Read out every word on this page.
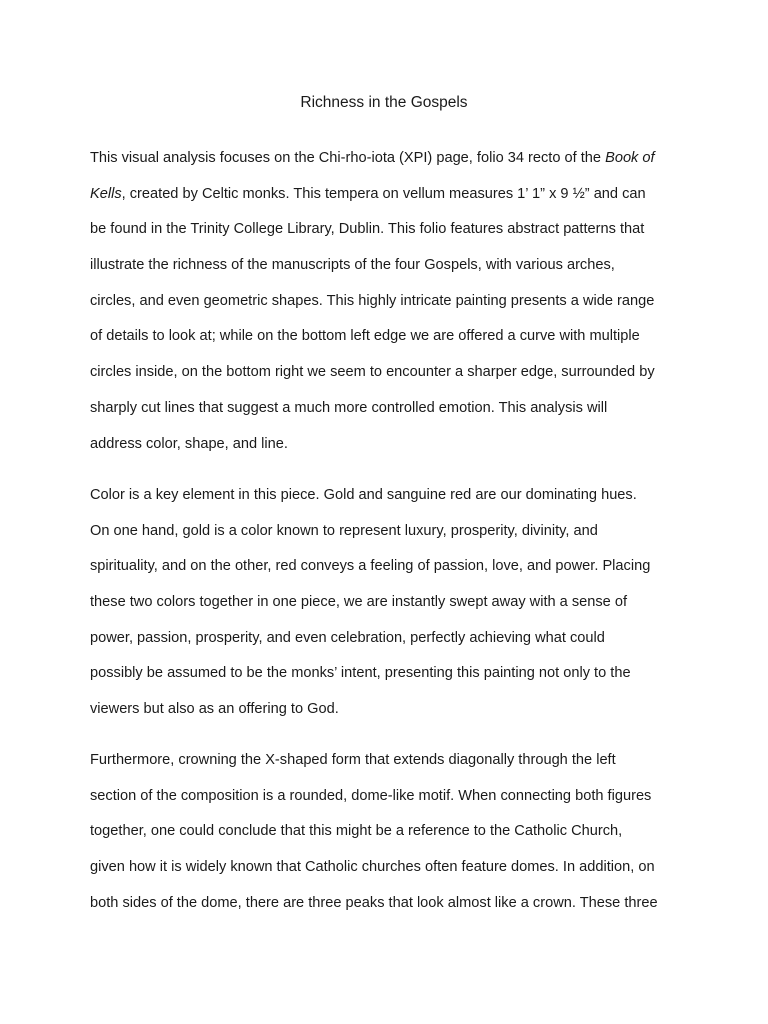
Richness in the Gospels
This visual analysis focuses on the Chi-rho-iota (XPI) page, folio 34 recto of the Book of
Kells, created by Celtic monks. This tempera on vellum measures 1’ 1” x 9 ½” and can
be found in the Trinity College Library, Dublin. This folio features abstract patterns that
illustrate the richness of the manuscripts of the four Gospels, with various arches,
circles, and even geometric shapes. This highly intricate painting presents a wide range
of details to look at; while on the bottom left edge we are offered a curve with multiple
circles inside, on the bottom right we seem to encounter a sharper edge, surrounded by
sharply cut lines that suggest a much more controlled emotion. This analysis will
address color, shape, and line.
Color is a key element in this piece. Gold and sanguine red are our dominating hues.
On one hand, gold is a color known to represent luxury, prosperity, divinity, and
spirituality, and on the other, red conveys a feeling of passion, love, and power. Placing
these two colors together in one piece, we are instantly swept away with a sense of
power, passion, prosperity, and even celebration, perfectly achieving what could
possibly be assumed to be the monks’ intent, presenting this painting not only to the
viewers but also as an offering to God.
Furthermore, crowning the X-shaped form that extends diagonally through the left
section of the composition is a rounded, dome-like motif. When connecting both figures
together, one could conclude that this might be a reference to the Catholic Church,
given how it is widely known that Catholic churches often feature domes. In addition, on
both sides of the dome, there are three peaks that look almost like a crown. These three
